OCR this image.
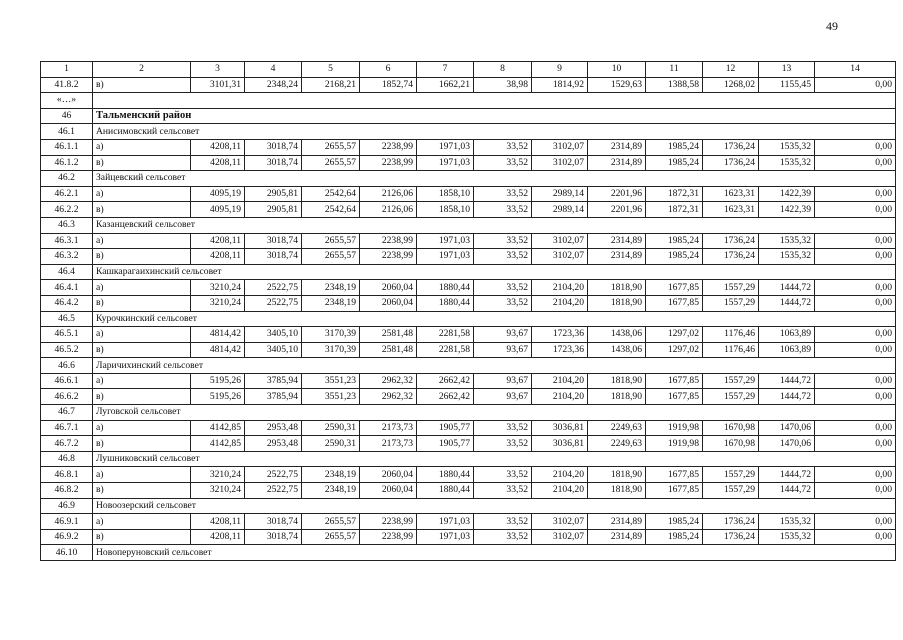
49
1	2	3	4	5	6	7	8	9	10	11	12	13	14
41.8.2	в)	3101,31	2348,24	2168,21	1852,74	1662,21	38,98	1814,92	1529,63	1388,58	1268,02	1155,45	0,00
«…»													
46	Тальменский район												
46.1	Анисимовский сельсовет												
46.1.1	а)	4208,11	3018,74	2655,57	2238,99	1971,03	33,52	3102,07	2314,89	1985,24	1736,24	1535,32	0,00
46.1.2	в)	4208,11	3018,74	2655,57	2238,99	1971,03	33,52	3102,07	2314,89	1985,24	1736,24	1535,32	0,00
46.2	Зайцевский сельсовет												
46.2.1	а)	4095,19	2905,81	2542,64	2126,06	1858,10	33,52	2989,14	2201,96	1872,31	1623,31	1422,39	0,00
46.2.2	в)	4095,19	2905,81	2542,64	2126,06	1858,10	33,52	2989,14	2201,96	1872,31	1623,31	1422,39	0,00
46.3	Казанцевский сельсовет												
46.3.1	а)	4208,11	3018,74	2655,57	2238,99	1971,03	33,52	3102,07	2314,89	1985,24	1736,24	1535,32	0,00
46.3.2	в)	4208,11	3018,74	2655,57	2238,99	1971,03	33,52	3102,07	2314,89	1985,24	1736,24	1535,32	0,00
46.4	Кашкарагаихинский сельсовет												
46.4.1	а)	3210,24	2522,75	2348,19	2060,04	1880,44	33,52	2104,20	1818,90	1677,85	1557,29	1444,72	0,00
46.4.2	в)	3210,24	2522,75	2348,19	2060,04	1880,44	33,52	2104,20	1818,90	1677,85	1557,29	1444,72	0,00
46.5	Курочкинский сельсовет												
46.5.1	а)	4814,42	3405,10	3170,39	2581,48	2281,58	93,67	1723,36	1438,06	1297,02	1176,46	1063,89	0,00
46.5.2	в)	4814,42	3405,10	3170,39	2581,48	2281,58	93,67	1723,36	1438,06	1297,02	1176,46	1063,89	0,00
46.6	Ларичихинский сельсовет												
46.6.1	а)	5195,26	3785,94	3551,23	2962,32	2662,42	93,67	2104,20	1818,90	1677,85	1557,29	1444,72	0,00
46.6.2	в)	5195,26	3785,94	3551,23	2962,32	2662,42	93,67	2104,20	1818,90	1677,85	1557,29	1444,72	0,00
46.7	Луговской сельсовет												
46.7.1	а)	4142,85	2953,48	2590,31	2173,73	1905,77	33,52	3036,81	2249,63	1919,98	1670,98	1470,06	0,00
46.7.2	в)	4142,85	2953,48	2590,31	2173,73	1905,77	33,52	3036,81	2249,63	1919,98	1670,98	1470,06	0,00
46.8	Лушниковский сельсовет												
46.8.1	а)	3210,24	2522,75	2348,19	2060,04	1880,44	33,52	2104,20	1818,90	1677,85	1557,29	1444,72	0,00
46.8.2	в)	3210,24	2522,75	2348,19	2060,04	1880,44	33,52	2104,20	1818,90	1677,85	1557,29	1444,72	0,00
46.9	Новоозерский сельсовет												
46.9.1	а)	4208,11	3018,74	2655,57	2238,99	1971,03	33,52	3102,07	2314,89	1985,24	1736,24	1535,32	0,00
46.9.2	в)	4208,11	3018,74	2655,57	2238,99	1971,03	33,52	3102,07	2314,89	1985,24	1736,24	1535,32	0,00
46.10	Новоперуновский сельсовет												
